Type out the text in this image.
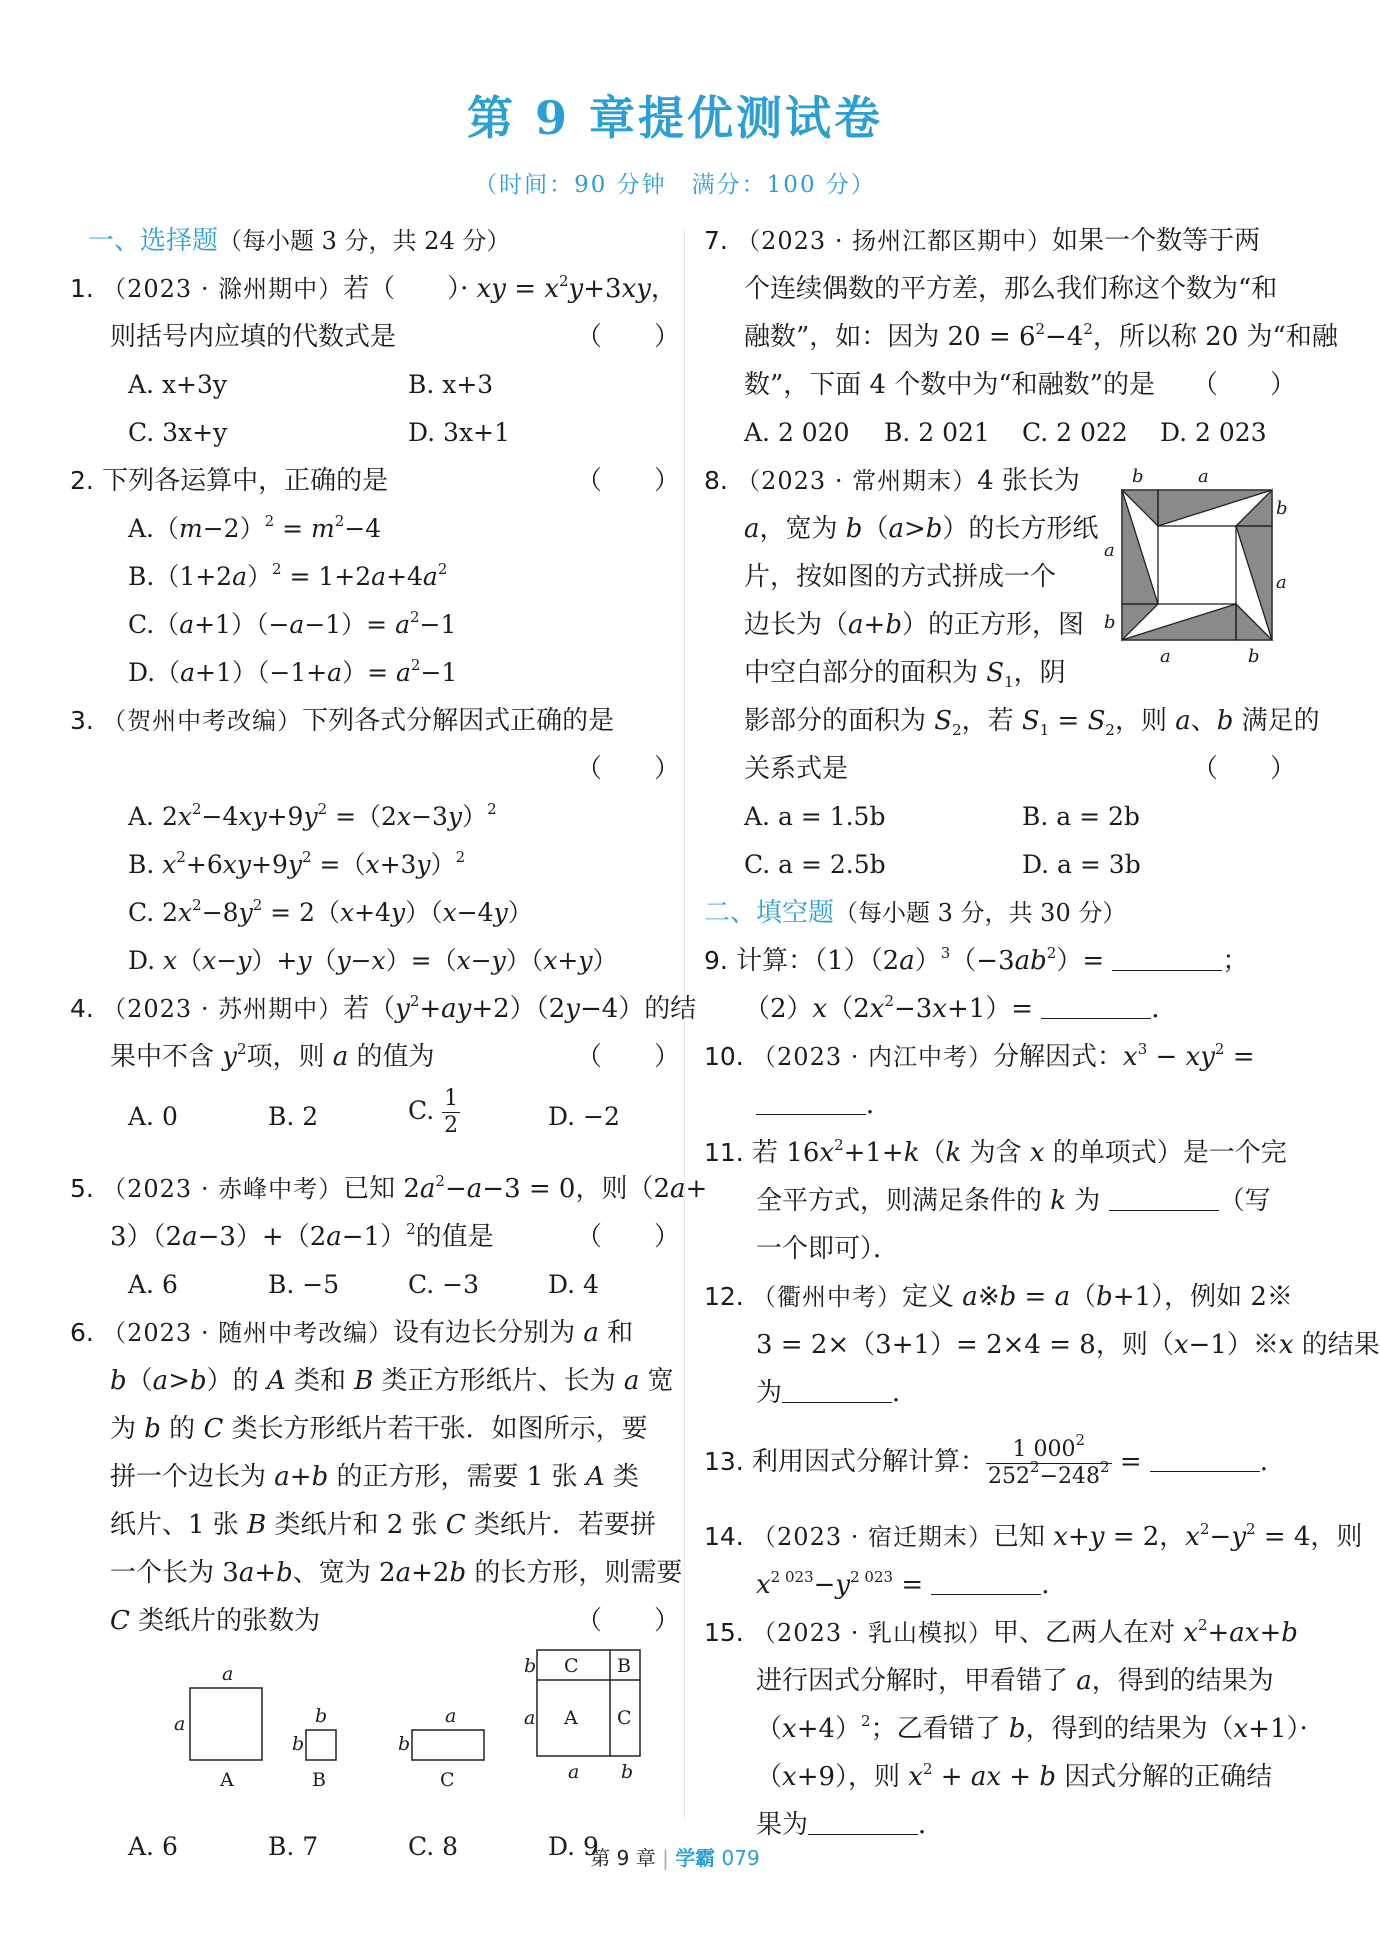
第 9 章提优测试卷
（时间：90 分钟　满分：100 分）
一、选择题（每小题 3 分，共 24 分）
1. （2023 · 滁州期中）若（　　）· xy = $x^2y+3xy$，
则括号内应填的代数式是	（　　）
A. x+3y	B. x+3
C. 3x+y	D. 3x+1
2. 下列各运算中，正确的是	（　　）
$A.(m-2)^2 = m^2-4$
$B.(1+2a)^2 = 1+2a+4a^2$
$C.(a+1)(-a-1)= a^2-1$
$D.(a+1)(-1+a)= a^2-1$
3. （贺州中考改编）下列各式分解因式正确的是
（　　）
A. $2x^2-4xy+9y^2 =(2x-3y)^2$
B. $x^2+6xy+9y^2 =(x+3y)^2$
C. $2x^2-8y^2 = 2(x+4y)(x-4y)$
D. x（x−y）+y（y−x）=（x−y）（x+y）
4. （2023 · 苏州期中）若$(y^2+ay+2)(2y-4)$的结
果中不含 $y^2$项，则 a 的值为	（　　）
A. 0	B. 2	C. $\frac{1}{2}$	D. −2
5. （2023 · 赤峰中考）已知 $2a^2-a-3 = 0$，则（2a+
$3)(2a-3)+(2a-1)^2$的值是	（　　）
A. 6	B. −5	C. −3	D. 4
6. （2023 · 随州中考改编）设有边长分别为 a 和
b（a>b）的 A 类和 B 类正方形纸片、长为 a 宽
为 b 的 C 类长方形纸片若干张．如图所示，要
拼一个边长为 a+b 的正方形，需要 1 张 A 类
纸片、1 张 B 类纸片和 2 张 C 类纸片．若要拼
一个长为 3a+b、宽为 2a+2b 的长方形，则需要
C 类纸片的张数为	（　　）
a
a
A
b
b
B
a
b
C
C B
A C
b
a
a b
A. 6	B. 7	C. 8	D. 9
7. （2023 · 扬州江都区期中）如果一个数等于两
个连续偶数的平方差，那么我们称这个数为“和
融数”，如：因为 $20 = 6^2-4^2$，所以称 20 为“和融
数”，下面 4 个数中为“和融数”的是 （　　）
A. 2 020 B. 2 021 C. 2 022 D. 2 023
8. （2023 · 常州期末）4 张长为
a，宽为 b（a>b）的长方形纸
片，按如图的方式拼成一个
边长为（a+b）的正方形，图
中空白部分的面积为 $S_1$，阴
影部分的面积为 $S_2$，若 $S_1 = S_2$，则 a、b 满足的
关系式是	（　　）
b	a
b
a
a
b
a	b
A. a = 1.5b	B. a = 2b
C. a = 2.5b	D. a = 3b
二、填空题（每小题 3 分，共 30 分）
9. 计算：$(1)(2a)^3(-3ab^2)=$	；
$(2)x(2x^2-3x+1)=$	．
10. （2023 · 内江中考）分解因式：$x^3 - xy^2$ =
．
11. 若 $16x^2+1+k(k$ 为含 x 的单项式）是一个完
全平方式，则满足条件的 k 为	（写
一个即可）．
12. （衢州中考）定义 a※b = a（b+1），例如 2※
3 = 2×（3+1）= 2×4 = 8，则（x−1）※x 的结果
为	．
13. 利用因式分解计算： $\frac{1 000^2}{252^2-248^2}$ =	．
14. （2023 · 宿迁期末）已知 x+y = 2，$x^2-y^2 = 4$，则
$x^{2 023}-y^{2 023}$ =	．
15. （2023 · 乳山模拟）甲、乙两人在对 $x^2+ax+b$
进行因式分解时，甲看错了 a，得到的结果为
$(x+4)^2$；乙看错了 b，得到的结果为（x+1）·
（x+9），则 $x^2$ + ax + b 因式分解的正确结
果为	．
第 9 章 | 学霸 079
